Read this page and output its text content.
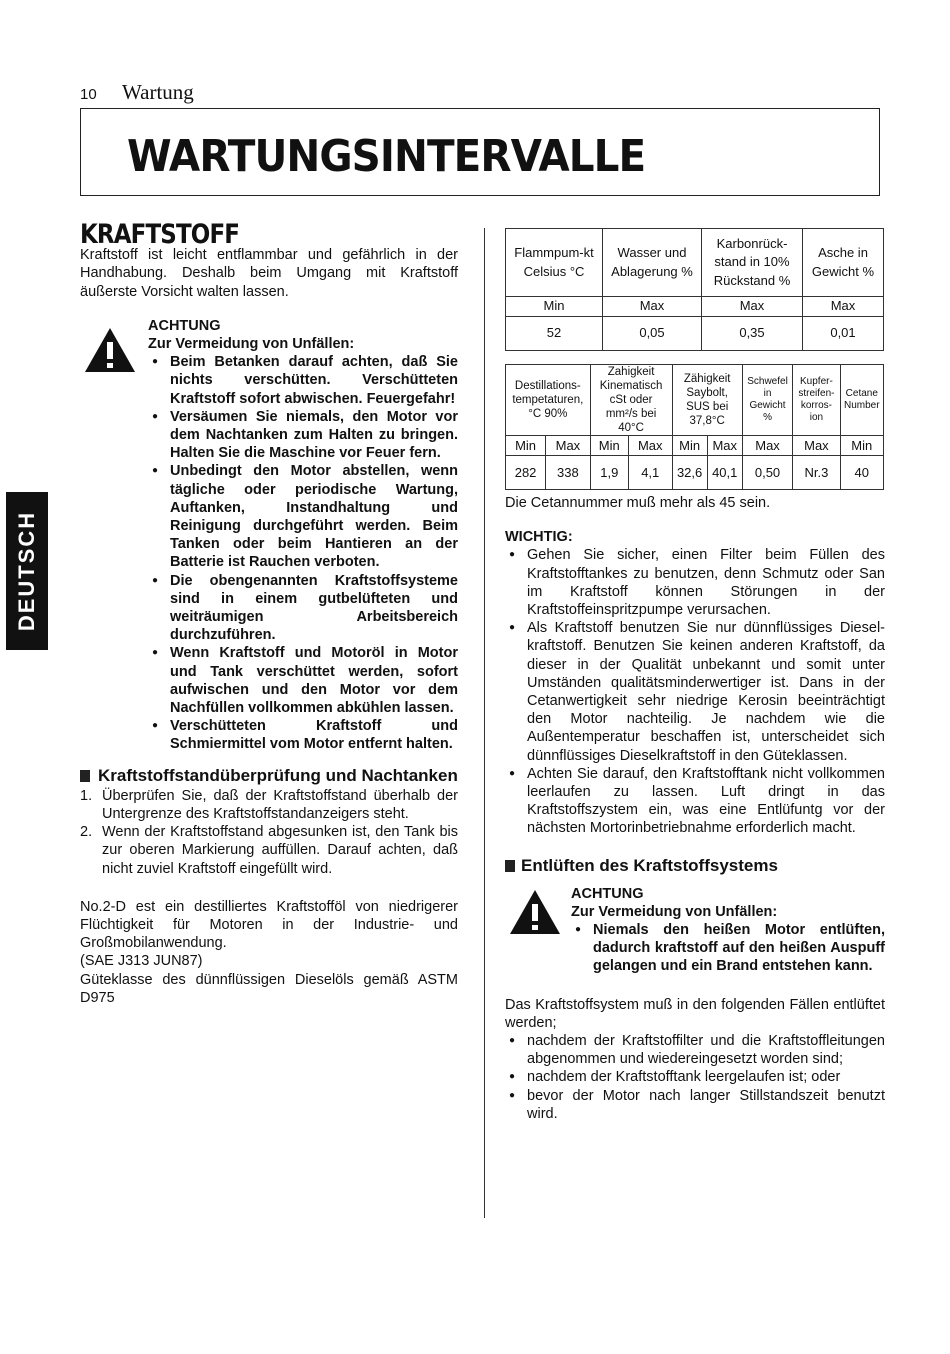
10 Wartung
WARTUNGSINTERVALLE
DEUTSCH
KRAFTSTOFF
Kraftstoff ist leicht entflammbar und gefährlich in der Handhabung. Deshalb beim Umgang mit Kraftstoff äußerste Vorsicht walten lassen.
ACHTUNG
Zur Vermeidung von Unfällen:
● Beim Betanken darauf achten, daß Sie nichts verschütten. Verschütteten Kraftstoff sofort abwischen. Feuergefahr!
● Versäumen Sie niemals, den Motor vor dem Nachtanken zum Halten zu bringen. Halten Sie die Maschine vor Feuer fern.
● Unbedingt den Motor abstellen, wenn tägliche oder periodische Wartung, Auftanken, Instandhaltung und Reinigung durchgeführt werden. Beim Tanken oder beim Hantieren an der Batterie ist Rauchen verboten.
● Die obengenannten Kraftstoffsysteme sind in einem gutbelüfteten und weiträumigen Arbeitsbereich durchzuführen.
● Wenn Kraftstoff und Motoröl in Motor und Tank verschüttet werden, sofort aufwischen und den Motor vor dem Nachfüllen vollkommen abkühlen lassen.
● Verschütteten Kraftstoff und Schmiermittel vom Motor entfernt halten.
Kraftstoffstandüberprüfung und Nachtanken
1. Überprüfen Sie, daß der Kraftstoffstand überhalb der Untergrenze des Kraftstoffstandanzeigers steht.
2. Wenn der Kraftstoffstand abgesunken ist, den Tank bis zur oberen Markierung auffüllen. Darauf achten, daß nicht zuviel Kraftstoff eingefüllt wird.
No.2-D est ein destilliertes Kraftstofföl von niedrigerer Flüchtigkeit für Motoren in der Industrie- und Großmobilanwendung.
(SAE J313 JUN87)
Güteklasse des dünnflüssigen Dieselöls gemäß ASTM D975
Flammpum-kt Celsius °C	Wasser und Ablagerung %	Karbonrück-stand in 10% Rückstand %	Asche in Gewicht %
Min	Max	Max	Max
52	0,05	0,35	0,01
Destillations-tempetaturen, °C 90%		Zahigkeit Kinematisch cSt oder mm²/s bei 40°C		Zähigkeit Saybolt, SUS bei 37,8°C		Schwefel in Gewicht %	Kupfer-streifen-korros-ion	Cetane Number
Min	Max	Min	Max	Min	Max	Max	Max	Min
282	338	1,9	4,1	32,6	40,1	0,50	Nr.3	40
Die Cetannummer muß mehr als 45 sein.
WICHTIG:
● Gehen Sie sicher, einen Filter beim Füllen des Kraftstofftankes zu benutzen, denn Schmutz oder San im Kraftstoff können Störungen in der Kraftstoffeinspritzpumpe verursachen.
● Als Kraftstoff benutzen Sie nur dünnflüssiges Diesel-kraftstoff. Benutzen Sie keinen anderen Kraftstoff, da dieser in der Qualität unbekannt und somit unter Umständen qualitätsminderwertiger ist. Dans in der Cetanwertigkeit sehr niedrige Kerosin beeinträchtigt den Motor nachteilig. Je nachdem wie die Außentemperatur beschaffen ist, unterscheidet sich dünnflüssiges Dieselkraftstoff in den Güteklassen.
● Achten Sie darauf, den Kraftstofftank nicht vollkommen leerlaufen zu lassen. Luft dringt in das Kraftstoffszystem ein, was eine Entlüfuntg vor der nächsten Mortorinbetriebnahme erforderlich macht.
Entlüften des Kraftstoffsystems
ACHTUNG
Zur Vermeidung von Unfällen:
● Niemals den heißen Motor entlüften, dadurch kraftstoff auf den heißen Auspuff gelangen und ein Brand entstehen kann.
Das Kraftstoffsystem muß in den folgenden Fällen entlüftet werden;
● nachdem der Kraftstoffilter und die Kraftstoffleitungen abgenommen und wiedereingesetzt worden sind;
● nachdem der Kraftstofftank leergelaufen ist; oder
● bevor der Motor nach langer Stillstandszeit benutzt wird.
